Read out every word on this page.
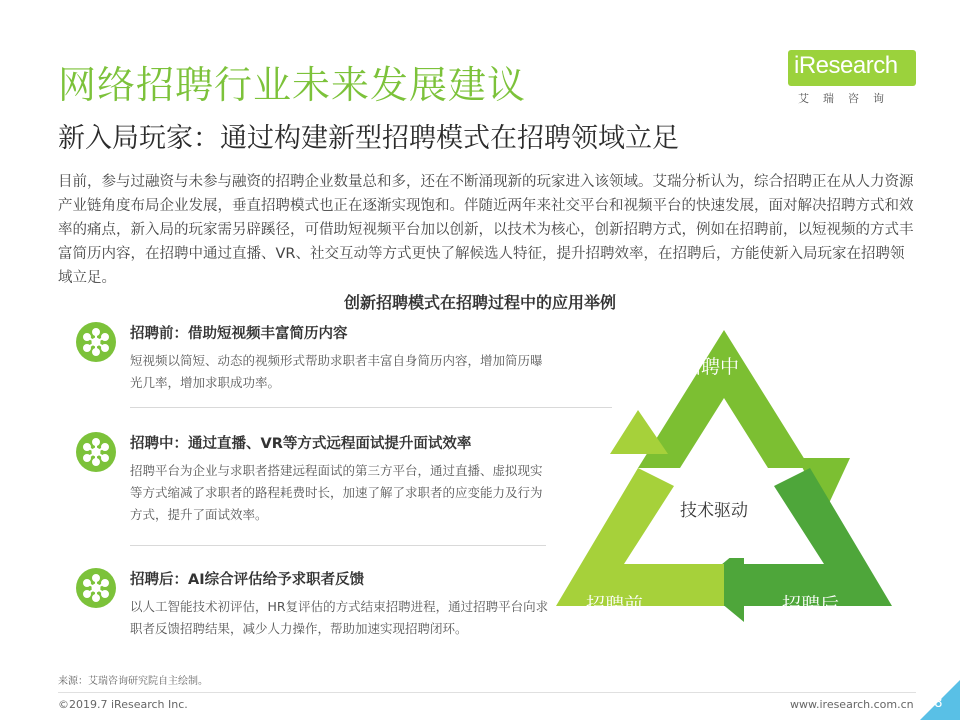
网络招聘行业未来发展建议
新入局玩家：通过构建新型招聘模式在招聘领域立足
iResearch
艾瑞咨询
目前，参与过融资与未参与融资的招聘企业数量总和多，还在不断涌现新的玩家进入该领域。艾瑞分析认为，综合招聘正在从人力资源产业链角度布局企业发展，垂直招聘模式也正在逐渐实现饱和。伴随近两年来社交平台和视频平台的快速发展，面对解决招聘方式和效率的痛点，新入局的玩家需另辟蹊径，可借助短视频平台加以创新，以技术为核心，创新招聘方式，例如在招聘前，以短视频的方式丰富简历内容，在招聘中通过直播、VR、社交互动等方式更快了解候选人特征，提升招聘效率，在招聘后，方能使新入局玩家在招聘领域立足。
创新招聘模式在招聘过程中的应用举例
招聘前：借助短视频丰富简历内容
短视频以简短、动态的视频形式帮助求职者丰富自身简历内容，增加简历曝光几率，增加求职成功率。
招聘中：通过直播、VR等方式远程面试提升面试效率
招聘平台为企业与求职者搭建远程面试的第三方平台，通过直播、虚拟现实等方式缩减了求职者的路程耗费时长，加速了解了求职者的应变能力及行为方式，提升了面试效率。
招聘后：AI综合评估给予求职者反馈
以人工智能技术初评估，HR复评估的方式结束招聘进程，通过招聘平台向求职者反馈招聘结果，减少人力操作，帮助加速实现招聘闭环。
招聘中
招聘前	招聘后
技术驱动
来源：艾瑞咨询研究院自主绘制。
©2019.7 iResearch Inc.	www.iresearch.com.cn 58
